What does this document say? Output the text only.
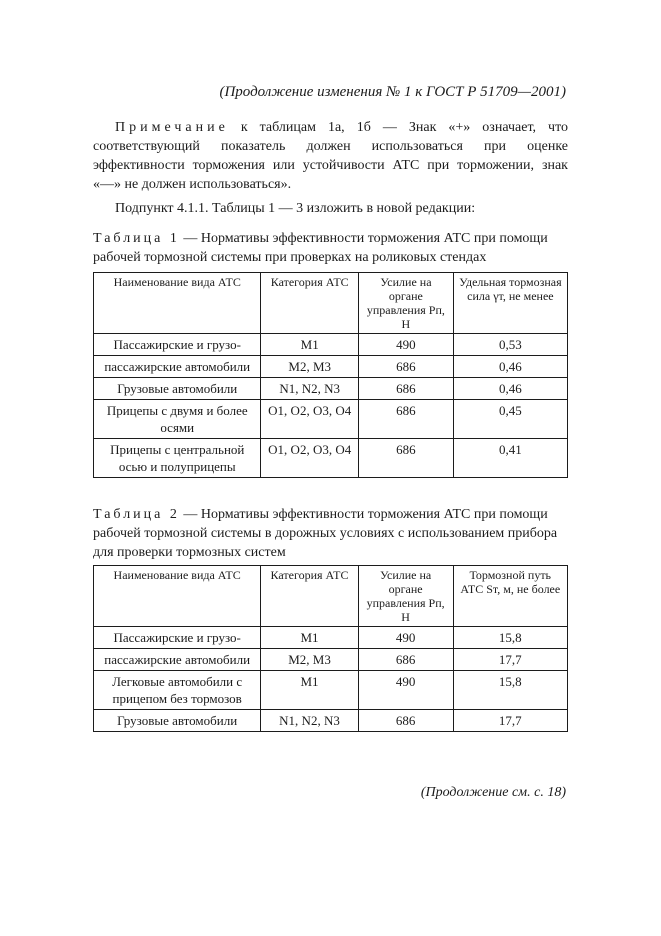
(Продолжение изменения № 1 к ГОСТ Р 51709—2001)

Примечание к таблицам 1а, 1б — Знак «+» означает, что соответствующий показатель должен использоваться при оценке эффективности торможения или устойчивости АТС при торможении, знак «—» не должен использоваться».

Подпункт 4.1.1. Таблицы 1 — 3 изложить в новой редакции:

Таблица 1 — Нормативы эффективности торможения АТС при помощи рабочей тормозной системы при проверках на роликовых стендах

Наименование вида АТС	Категория АТС	Усилие на органе управления Pп, Н	Удельная тормозная сила γт, не менее
Пассажирские и грузо-	M1	490	0,53
пассажирские автомобили	M2, M3	686	0,46
Грузовые автомобили	N1, N2, N3	686	0,46
Прицепы с двумя и более осями	O1, O2, O3, O4	686	0,45
Прицепы с центральной осью и полуприцепы	O1, O2, O3, O4	686	0,41

Таблица 2 — Нормативы эффективности торможения АТС при помощи рабочей тормозной системы в дорожных условиях с использованием прибора для проверки тормозных систем

Наименование вида АТС	Категория АТС	Усилие на органе управления Pп, Н	Тормозной путь АТС Sт, м, не более
Пассажирские и грузо-	M1	490	15,8
пассажирские автомобили	M2, M3	686	17,7
Легковые автомобили с прицепом без тормозов	M1	490	15,8
Грузовые автомобили	N1, N2, N3	686	17,7
(Продолжение см. с. 18)
